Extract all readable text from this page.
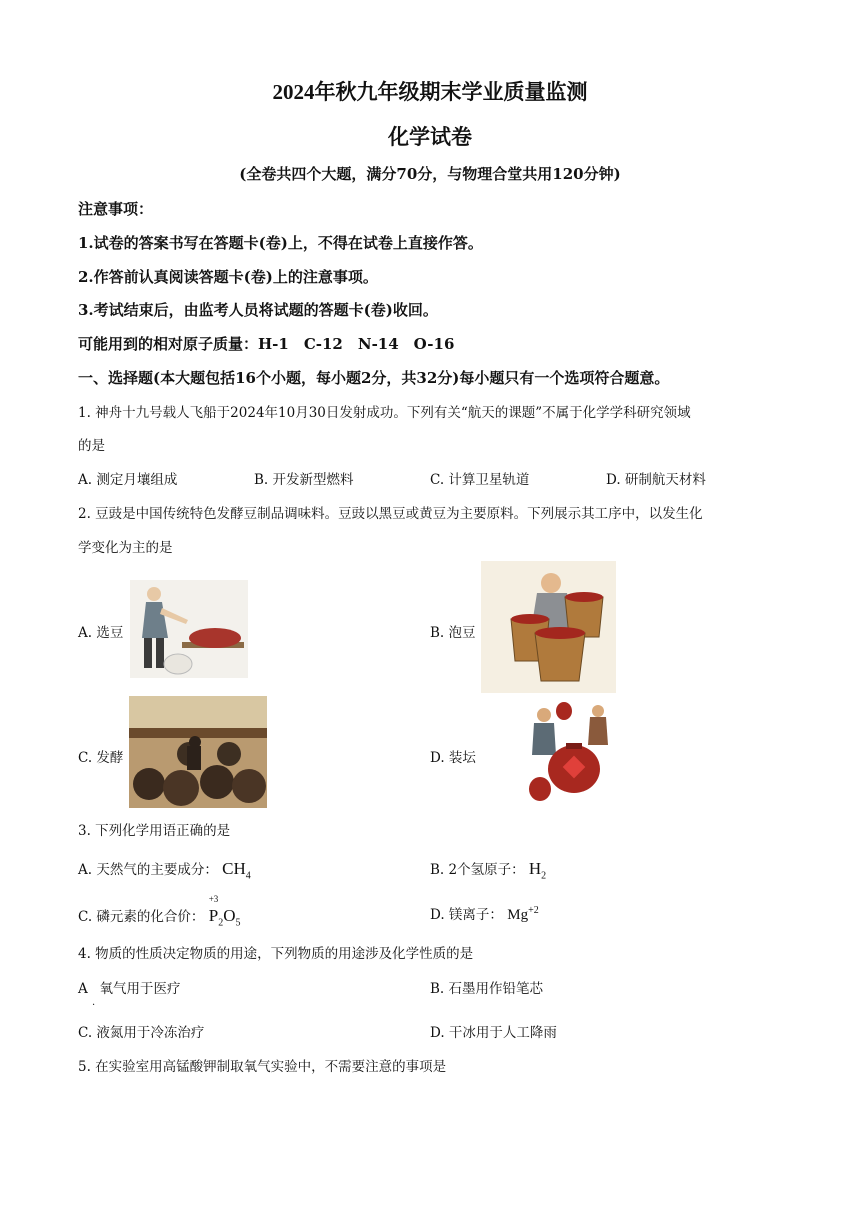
2024年秋九年级期末学业质量监测
化学试卷
(全卷共四个大题，满分70分，与物理合堂共用120分钟)
注意事项：
1.试卷的答案书写在答题卡(卷)上，不得在试卷上直接作答。
2.作答前认真阅读答题卡(卷)上的注意事项。
3.考试结束后，由监考人员将试题的答题卡(卷)收回。
可能用到的相对原子质量：H-1　C-12　N-14　O-16
一、选择题(本大题包括16个小题，每小题2分，共32分)每小题只有一个选项符合题意。
1. 神舟十九号载人飞船于2024年10月30日发射成功。下列有关“航天的课题”不属于化学学科研究领域
的是
A. 测定月壤组成	B. 开发新型燃料	C. 计算卫星轨道	D. 研制航天材料
2. 豆豉是中国传统特色发酵豆制品调味料。豆豉以黑豆或黄豆为主要原料。下列展示其工序中，以发生化
学变化为主的是
A. 选豆	B. 泡豆
C. 发酵	D. 装坛
3. 下列化学用语正确的是
A. 天然气的主要成分： $CH_4$	B. 2个氢原子： $H_2$
C. 磷元素的化合价：
+3
$P_2O_5$	D. 镁离子： $Mg^{+2}$
4. 物质的性质决定物质的用途，下列物质的用途涉及化学性质的是
A $_.$ 氧气用于医疗	B. 石墨用作铅笔芯
C. 液氮用于冷冻治疗	D. 干冰用于人工降雨
5. 在实验室用高锰酸钾制取氧气实验中，不需要注意的事项是
